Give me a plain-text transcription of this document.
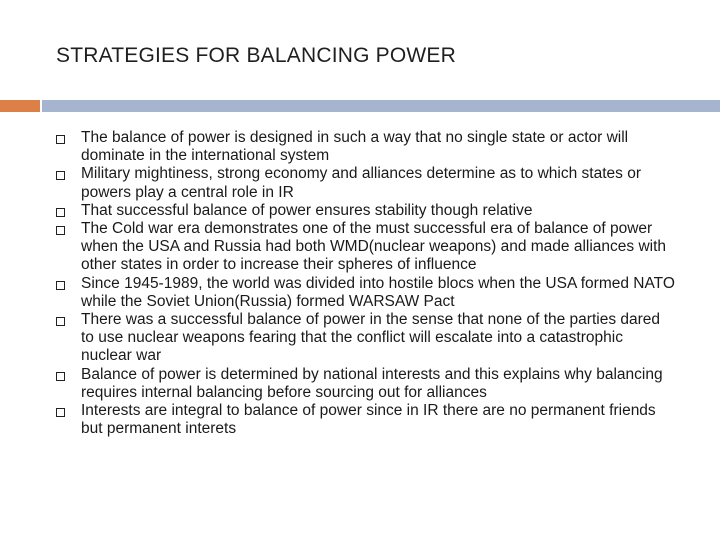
STRATEGIES FOR BALANCING POWER
The balance of power is designed in such a way that no single state or actor will dominate in the international system
Military mightiness, strong economy and alliances determine as to which states or powers play a central role in IR
That successful balance of power ensures stability though relative
The Cold war era demonstrates one of the must successful era of balance of power when the USA and Russia had both WMD(nuclear weapons) and made alliances with other states in order to increase their spheres of influence
Since 1945-1989, the world was divided into hostile blocs when the USA formed NATO while the Soviet Union(Russia) formed WARSAW Pact
There was a successful balance of power in the sense that none of the parties dared to use nuclear weapons fearing that the conflict will escalate into a catastrophic nuclear war
Balance of power is determined by national interests and this explains why balancing requires internal balancing before sourcing out for alliances
Interests are integral to balance of power since in IR there are no permanent friends but permanent interets
